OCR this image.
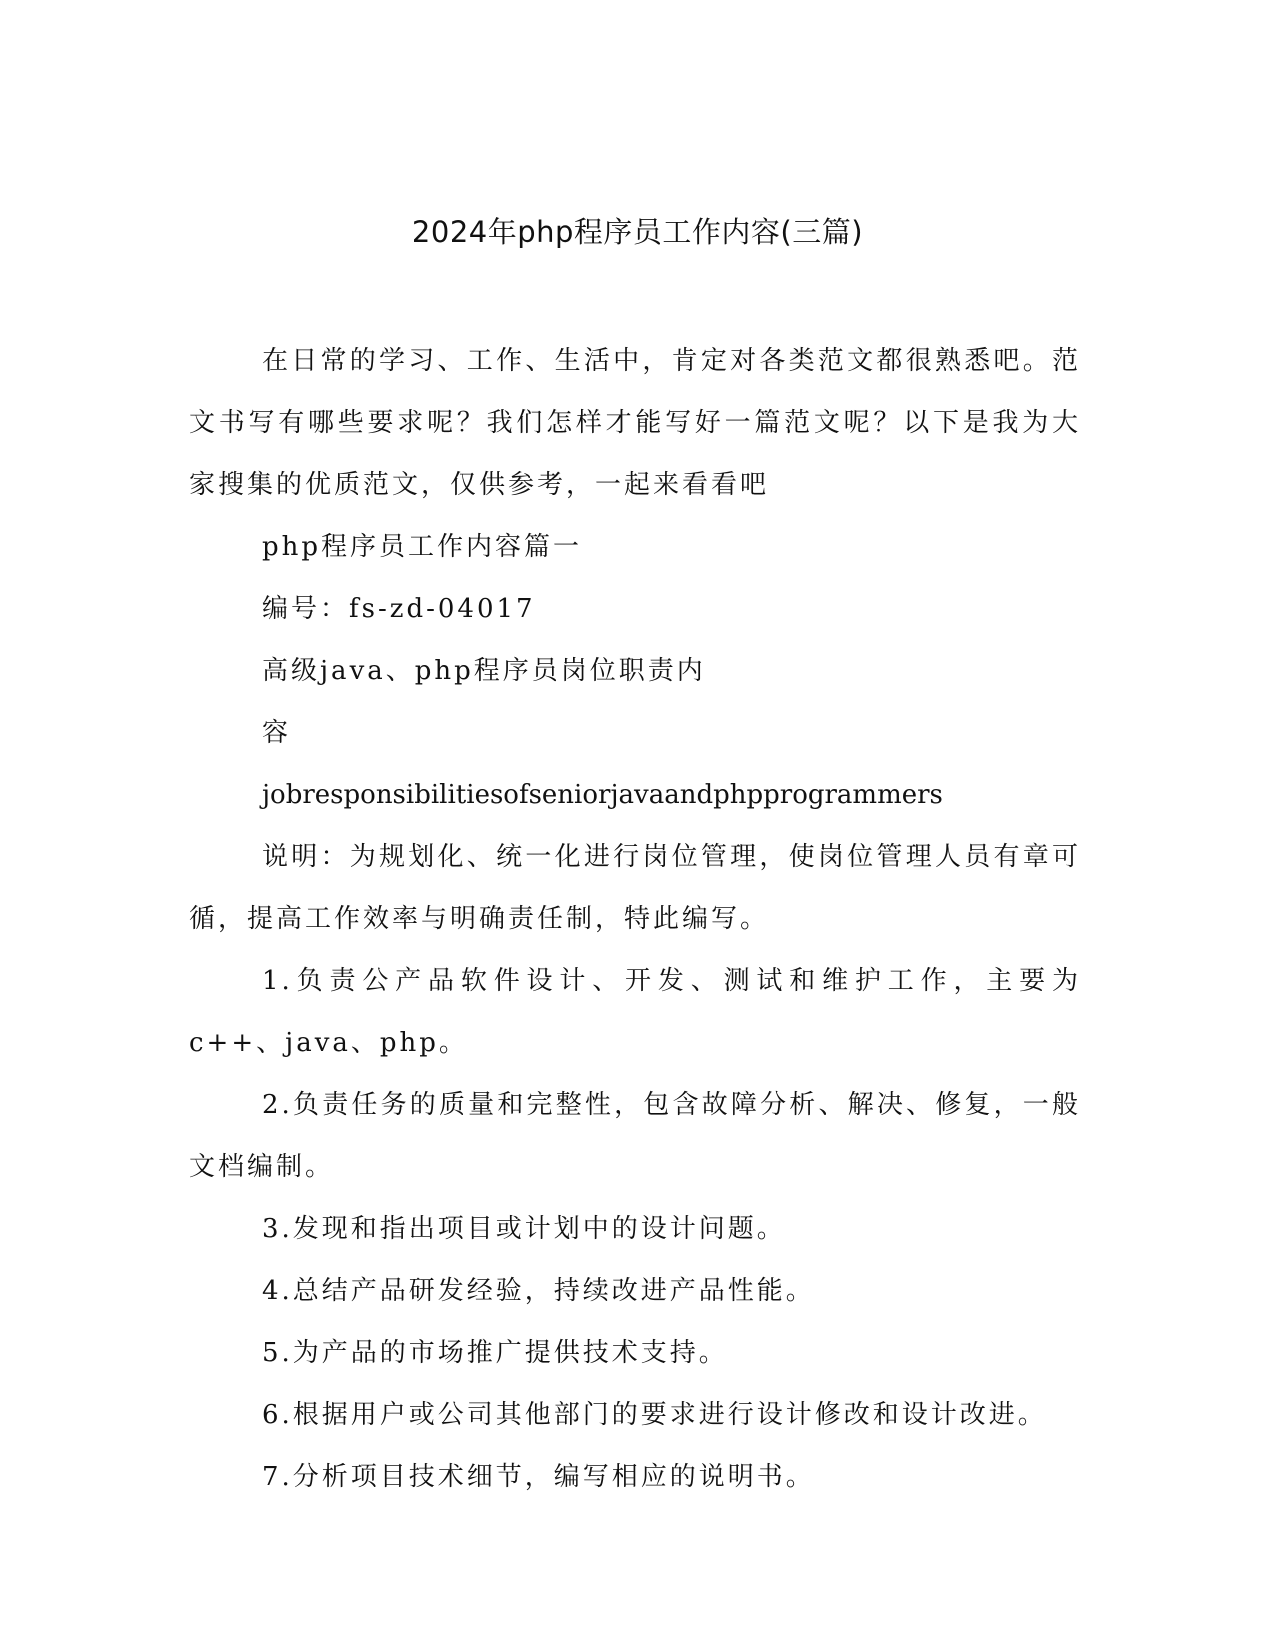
2024年php程序员工作内容(三篇)

在日常的学习、工作、生活中，肯定对各类范文都很熟悉吧。范文书写有哪些要求呢？我们怎样才能写好一篇范文呢？以下是我为大家搜集的优质范文，仅供参考，一起来看看吧

php程序员工作内容篇一

编号：fs-zd-04017

高级java、php程序员岗位职责内

容

jobresponsibilitiesofseniorjavaandphpprogrammers

说明：为规划化、统一化进行岗位管理，使岗位管理人员有章可循，提高工作效率与明确责任制，特此编写。

1.负责公产品软件设计、开发、测试和维护工作，主要为c++、java、php。

2.负责任务的质量和完整性，包含故障分析、解决、修复，一般文档编制。

3.发现和指出项目或计划中的设计问题。

4.总结产品研发经验，持续改进产品性能。

5.为产品的市场推广提供技术支持。

6.根据用户或公司其他部门的要求进行设计修改和设计改进。

7.分析项目技术细节，编写相应的说明书。
